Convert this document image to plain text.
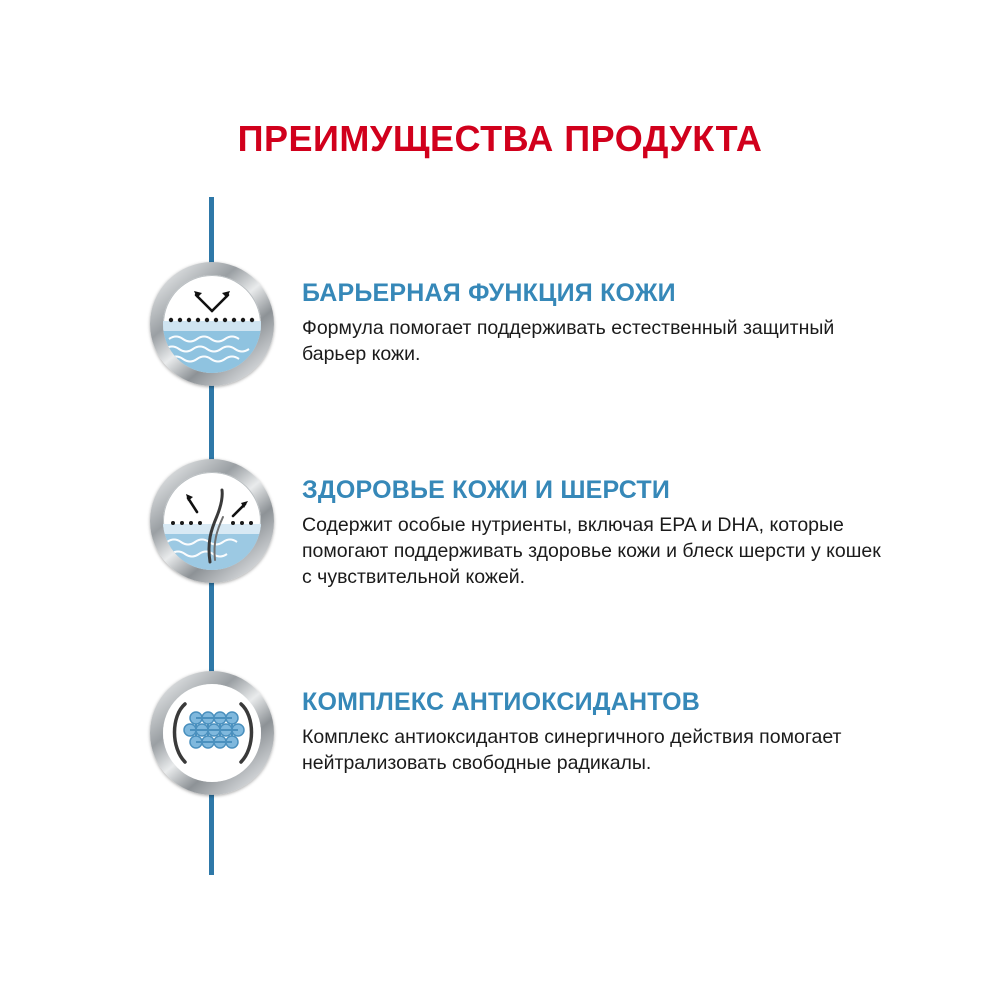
ПРЕИМУЩЕСТВА ПРОДУКТА
БАРЬЕРНАЯ ФУНКЦИЯ КОЖИ

Формула помогает поддерживать естественный защитный барьер кожи.

ЗДОРОВЬЕ КОЖИ И ШЕРСТИ

Содержит особые нутриенты, включая EPA и DHA, которые помогают поддерживать здоровье кожи и блеск шерсти у кошек с чувствительной кожей.

КОМПЛЕКС АНТИОКСИДАНТОВ

Комплекс антиоксидантов синергичного действия помогает нейтрализовать свободные радикалы.
